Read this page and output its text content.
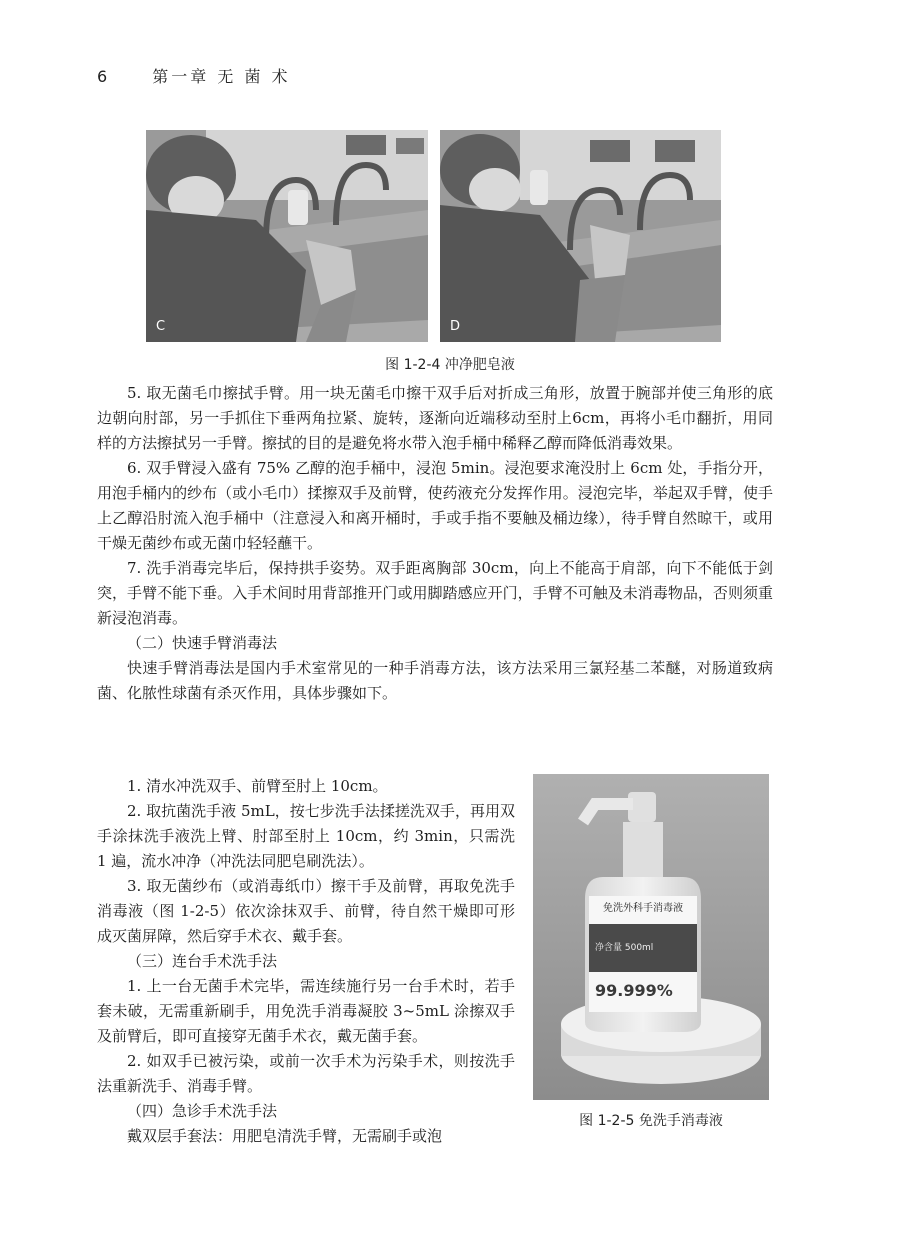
6	第一章 无 菌 术
C	D
图 1-2-4 冲净肥皂液

5. 取无菌毛巾擦拭手臂。用一块无菌毛巾擦干双手后对折成三角形，放置于腕部并使三角形的底边朝向肘部，另一手抓住下垂两角拉紧、旋转，逐渐向近端移动至肘上6cm，再将小毛巾翻折，用同样的方法擦拭另一手臂。擦拭的目的是避免将水带入泡手桶中稀释乙醇而降低消毒效果。

6. 双手臂浸入盛有 75% 乙醇的泡手桶中，浸泡 5min。浸泡要求淹没肘上 6cm 处，手指分开，用泡手桶内的纱布（或小毛巾）揉擦双手及前臂，使药液充分发挥作用。浸泡完毕，举起双手臂，使手上乙醇沿肘流入泡手桶中（注意浸入和离开桶时，手或手指不要触及桶边缘），待手臂自然晾干，或用干燥无菌纱布或无菌巾轻轻蘸干。

7. 洗手消毒完毕后，保持拱手姿势。双手距离胸部 30cm，向上不能高于肩部，向下不能低于剑突，手臂不能下垂。入手术间时用背部推开门或用脚踏感应开门，手臂不可触及未消毒物品，否则须重新浸泡消毒。

（二）快速手臂消毒法

快速手臂消毒法是国内手术室常见的一种手消毒方法，该方法采用三氯羟基二苯醚，对肠道致病菌、化脓性球菌有杀灭作用，具体步骤如下。

1. 清水冲洗双手、前臂至肘上 10cm。

2. 取抗菌洗手液 5mL，按七步洗手法揉搓洗双手，再用双手涂抹洗手液洗上臂、肘部至肘上 10cm，约 3min，只需洗 1 遍，流水冲净（冲洗法同肥皂刷洗法）。

3. 取无菌纱布（或消毒纸巾）擦干手及前臂，再取免洗手消毒液（图 1-2-5）依次涂抹双手、前臂，待自然干燥即可形成灭菌屏障，然后穿手术衣、戴手套。

（三）连台手术洗手法

1. 上一台无菌手术完毕，需连续施行另一台手术时，若手套未破，无需重新刷手，用免洗手消毒凝胶 3~5mL 涂擦双手及前臂后，即可直接穿无菌手术衣，戴无菌手套。

2. 如双手已被污染，或前一次手术为污染手术，则按洗手法重新洗手、消毒手臂。

（四）急诊手术洗手法

戴双层手套法：用肥皂清洗手臂，无需刷手或泡

免洗外科手消毒液
净含量 500ml
99.999%
图 1-2-5 免洗手消毒液
